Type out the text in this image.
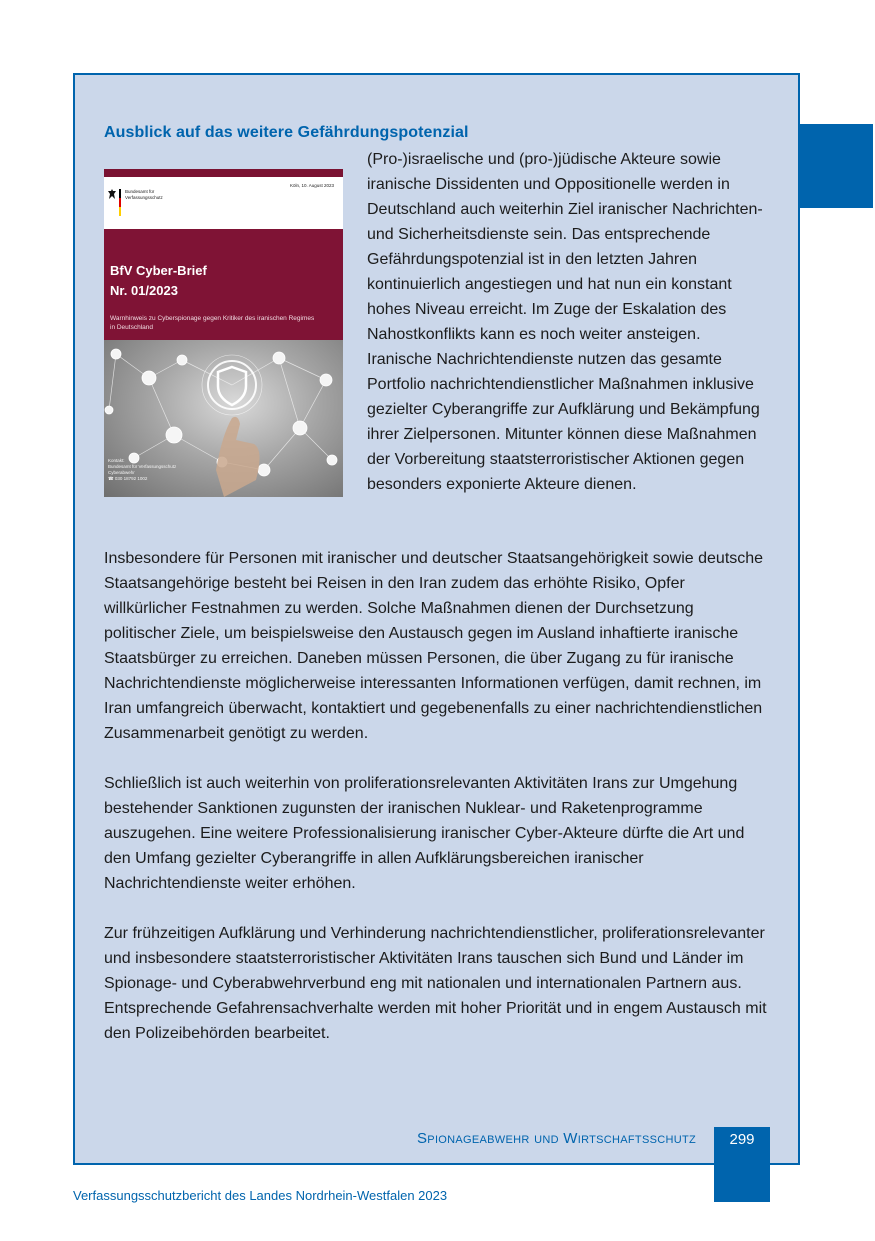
Ausblick auf das weitere Gefährdungspotenzial
Bundesamt für Verfassungsschutz
Köln, 10. August 2023
BfV Cyber-Brief
Nr. 01/2023
Warnhinweis zu Cyberspionage gegen Kritiker des iranischen Regimes in Deutschland
Kontakt:
Bundesamt für Verfassungsschutz
Cyberabwehr
☎ 030 18792 1002

(Pro-)israelische und (pro-)jüdische Akteure sowie iranische Dissidenten und Oppositionelle werden in Deutschland auch weiterhin Ziel iranischer Nachrichten- und Sicherheitsdienste sein. Das entsprechende Gefährdungspotenzial ist in den letzten Jahren kontinuierlich angestiegen und hat nun ein konstant hohes Niveau erreicht. Im Zuge der Eskalation des Nahostkonflikts kann es noch weiter ansteigen. Iranische Nachrichtendienste nutzen das gesamte Portfolio nachrichtendienstlicher Maßnahmen inklusive gezielter Cyberangriffe zur Aufklärung und Bekämpfung ihrer Zielpersonen. Mitunter können diese Maßnahmen der Vorbereitung staatsterroristischer Aktionen gegen besonders exponierte Akteure dienen.

Insbesondere für Personen mit iranischer und deutscher Staatsangehörigkeit sowie deutsche Staatsangehörige besteht bei Reisen in den Iran zudem das erhöhte Risiko, Opfer willkürlicher Festnahmen zu werden. Solche Maßnahmen dienen der Durchsetzung politischer Ziele, um beispielsweise den Austausch gegen im Ausland inhaftierte iranische Staatsbürger zu erreichen. Daneben müssen Personen, die über Zugang zu für iranische Nachrichtendienste möglicherweise interessanten Informationen verfügen, damit rechnen, im Iran umfangreich überwacht, kontaktiert und gegebenenfalls zu einer nachrichtendienstlichen Zusammenarbeit genötigt zu werden.

Schließlich ist auch weiterhin von proliferationsrelevanten Aktivitäten Irans zur Umgehung bestehender Sanktionen zugunsten der iranischen Nuklear- und Raketenprogramme auszugehen. Eine weitere Professionalisierung iranischer Cyber-Akteure dürfte die Art und den Umfang gezielter Cyberangriffe in allen Aufklärungsbereichen iranischer Nachrichtendienste weiter erhöhen.

Zur frühzeitigen Aufklärung und Verhinderung nachrichtendienstlicher, proliferationsrelevanter und insbesondere staatsterroristischer Aktivitäten Irans tauschen sich Bund und Länder im Spionage- und Cyberabwehrverbund eng mit nationalen und internationalen Partnern aus. Entsprechende Gefahrensachverhalte werden mit hoher Priorität und in engem Austausch mit den Polizeibehörden bearbeitet.

Spionageabwehr und Wirtschaftsschutz	299
Verfassungsschutzbericht des Landes Nordrhein-Westfalen 2023
